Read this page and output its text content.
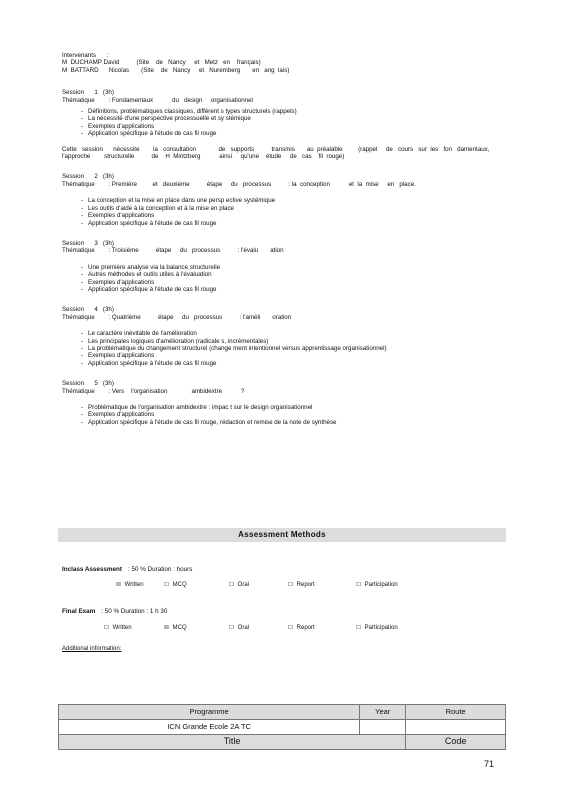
Intervenants      :
M  DUCHAMP David          (Site    de   Nancy     et   Metz   en    français)
M  BATTARD      Nicolas       (Site    de   Nancy     et   Nuremberg       en   ang  lais)
Session      1   (3h)
Thématique        : Fondamentaux           du   design     organisationnel
- Définitions, problématiques classiques, différent s types structurels (rappels)
- La nécessité d'une perspective processuelle et sy stémique
- Exemples d'applications
- Application spécifique à l'étude de cas fil rouge
Cette   session      nécessite        la   consultation             de   supports          transmis       au  préalable         (rappel     de   cours   sur  les   fon   damentaux,    l'approche        structurelle          de    H  Mintzberg           ainsi     qu'une    étude     de   cas    fil  rouge)
Session      2   (3h)
Thématique        : Première         et   deuxième          étape     du   processus          : la  conception           et  la  mise     en   place.
- La conception et la mise en place dans une persp ective systémique
- Les outils d'aide à la conception et à la mise en place
- Exemples d'applications
- Application spécifique à l'étude de cas fil rouge
Session      3   (3h)
Thématique        : Troisième          étape     du   processus          : l'évalu       ation
- Une première analyse via la balance structurelle
- Autres méthodes et outils utiles à l'évaluation
- Exemples d'applications
- Application spécifique à l'étude de cas fil rouge
Session      4   (3h)
Thématique        : Quatrième          étape     du   processus          : l'améli       oration
- Le caractère inévitable de l'amélioration
- Les principales logiques d'amélioration (radicale s, incrémentales)
- La problématique du changement structurel (change ment intentionnel versus apprentissage organisationnel)
- Exemples d'applications
- Application spécifique à l'étude de cas fil rouge
Session      5   (3h)
Thématique        : Vers    l'organisation              ambidextre           ?
- Problématique de l'organisation ambidextre : impac t sur le design organisationnel
- Exemples d'applications
- Application spécifique à l'étude de cas fil rouge, rédaction et remise de la note de synthèse
Assessment Methods
Inclass Assessment : 50 % Duration : hours
☒ Written	☐ MCQ	☐ Oral	☐ Report	☐ Participation
Final Exam : 50 % Duration : 1 h 30
☐ Written	☒ MCQ	☐ Oral	☐ Report	☐ Participation
Additional information:
Programme	Year	Route
ICN Grande Ecole 2A TC		
Title		Code
71
